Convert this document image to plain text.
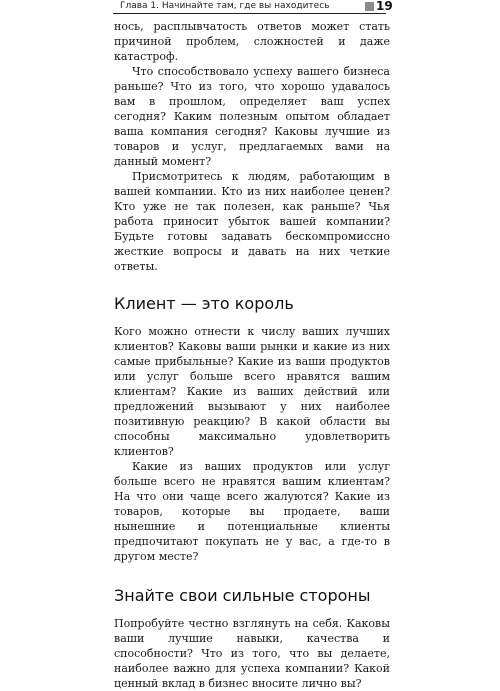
Глава 1. Начинайте там, где вы находитесь	19

нось, расплывчатость ответов может стать причиной проблем, сложностей и даже катастроф.

Что способствовало успеху вашего бизнеса раньше? Что из того, что хорошо удавалось вам в прошлом, определяет ваш успех сегодня? Каким полезным опытом обладает ваша компания сегодня? Каковы лучшие из товаров и услуг, предлагаемых вами на данный момент?

Присмотритесь к людям, работающим в вашей компании. Кто из них наиболее ценен? Кто уже не так полезен, как раньше? Чья работа приносит убыток вашей компании? Будьте готовы задавать бескомпромиссно жесткие вопросы и давать на них четкие ответы.

Клиент — это король

Кого можно отнести к числу ваших лучших клиентов? Каковы ваши рынки и какие из них самые прибыльные? Какие из ваши продуктов или услуг больше всего нравятся вашим клиентам? Какие из ваших действий или предложений вызывают у них наиболее позитивную реакцию? В какой области вы способны максимально удовлетворить клиентов?

Какие из ваших продуктов или услуг больше всего не нравятся вашим клиентам? На что они чаще всего жалуются? Какие из товаров, которые вы продаете, ваши нынешние и потенциальные клиенты предпочитают покупать не у вас, а где-то в другом месте?

Знайте свои сильные стороны

Попробуйте честно взглянуть на себя. Каковы ваши лучшие навыки, качества и способности? Что из того, что вы делаете, наиболее важно для успеха компании? Какой ценный вклад в бизнес вносите лично вы?
